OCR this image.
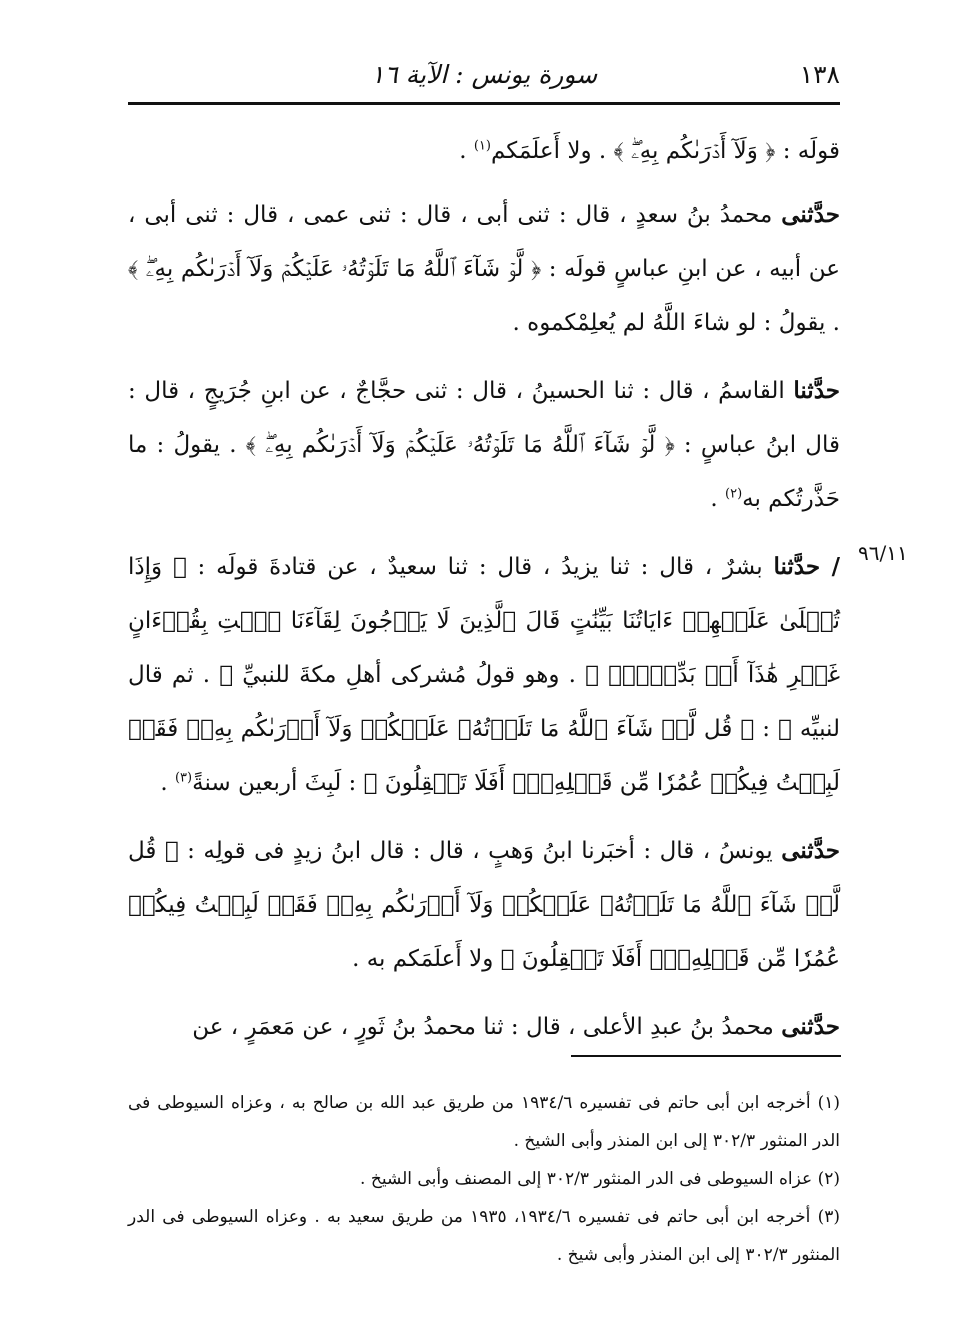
١٣٨
سورة يونس : الآية ١٦
٩٦/١١

قولَه : ﴿ وَلَآ أَدۡرَىٰكُم بِهِۦۖ ﴾ . ولا أَعلَمَكم$^{(١)}$ .

حدَّثنى محمدُ بنُ سعدٍ ، قال : ثنى أبى ، قال : ثنى عمى ، قال : ثنى أبى ، عن أبيه ، عن ابنِ عباسٍ قولَه : ﴿ لَّوۡ شَآءَ ٱللَّهُ مَا تَلَوۡتُهُۥ عَلَيۡكُمۡ وَلَآ أَدۡرَىٰكُم بِهِۦۖ ﴾ . يقولُ : لو شاءَ اللَّهُ لم يُعلِمْكموه .

حدَّثنا القاسمُ ، قال : ثنا الحسينُ ، قال : ثنى حجَّاجٌ ، عن ابنِ جُرَيجٍ ، قال : قال ابنُ عباسٍ : ﴿ لَّوۡ شَآءَ ٱللَّهُ مَا تَلَوۡتُهُۥ عَلَيۡكُمۡ وَلَآ أَدۡرَىٰكُم بِهِۦۖ ﴾ . يقولُ : ما حَذَّرتُكم به$^{(٢)}$ .

/ حدَّثنا بشرٌ ، قال : ثنا يزيدُ ، قال : ثنا سعيدٌ ، عن قتادةَ قولَه : ﴿ وَإِذَا تُتۡلَىٰ عَلَيۡهِمۡ ءَايَاتُنَا بَيِّنَٰتٍ قَالَ ٱلَّذِينَ لَا يَرۡجُونَ لِقَآءَنَا ٱئۡتِ بِقُرۡءَانٍ غَيۡرِ هَٰذَآ أَوۡ بَدِّلۡهُۚ ﴾ . وهو قولُ مُشركى أهلِ مكةَ للنبيِّ ﷺ . ثم قال لنبيِّه ﷺ : ﴿ قُل لَّوۡ شَآءَ ٱللَّهُ مَا تَلَوۡتُهُۥ عَلَيۡكُمۡ وَلَآ أَدۡرَىٰكُم بِهِۦۖ فَقَدۡ لَبِثۡتُ فِيكُمۡ عُمُرٗا مِّن قَبۡلِهِۦٓۚ أَفَلَا تَعۡقِلُونَ ﴾ : لَبِثَ أربعين سنةً$^{(٣)}$ .

حدَّثنى يونسُ ، قال : أخبَرنا ابنُ وَهبٍ ، قال : قال ابنُ زيدٍ فى قولِه : ﴿ قُل لَّوۡ شَآءَ ٱللَّهُ مَا تَلَوۡتُهُۥ عَلَيۡكُمۡ وَلَآ أَدۡرَىٰكُم بِهِۦۖ فَقَدۡ لَبِثۡتُ فِيكُمۡ عُمُرٗا مِّن قَبۡلِهِۦٓۚ أَفَلَا تَعۡقِلُونَ ﴾ ولا أَعلَمَكم به .

حدَّثنى محمدُ بنُ عبدِ الأعلى ، قال : ثنا محمدُ بنُ ثَورٍ ، عن مَعمَرٍ ، عن

(١) أخرجه ابن أبى حاتم فى تفسيره ١٩٣٤/٦ من طريق عبد الله بن صالح به ، وعزاه السيوطى فى الدر المنثور ٣٠٢/٣ إلى ابن المنذر وأبى الشيخ .

(٢) عزاه السيوطى فى الدر المنثور ٣٠٢/٣ إلى المصنف وأبى الشيخ .

(٣) أخرجه ابن أبى حاتم فى تفسيره ١٩٣٤/٦، ١٩٣٥ من طريق سعيد به . وعزاه السيوطى فى الدر المنثور ٣٠٢/٣ إلى ابن المنذر وأبى شيخ .
